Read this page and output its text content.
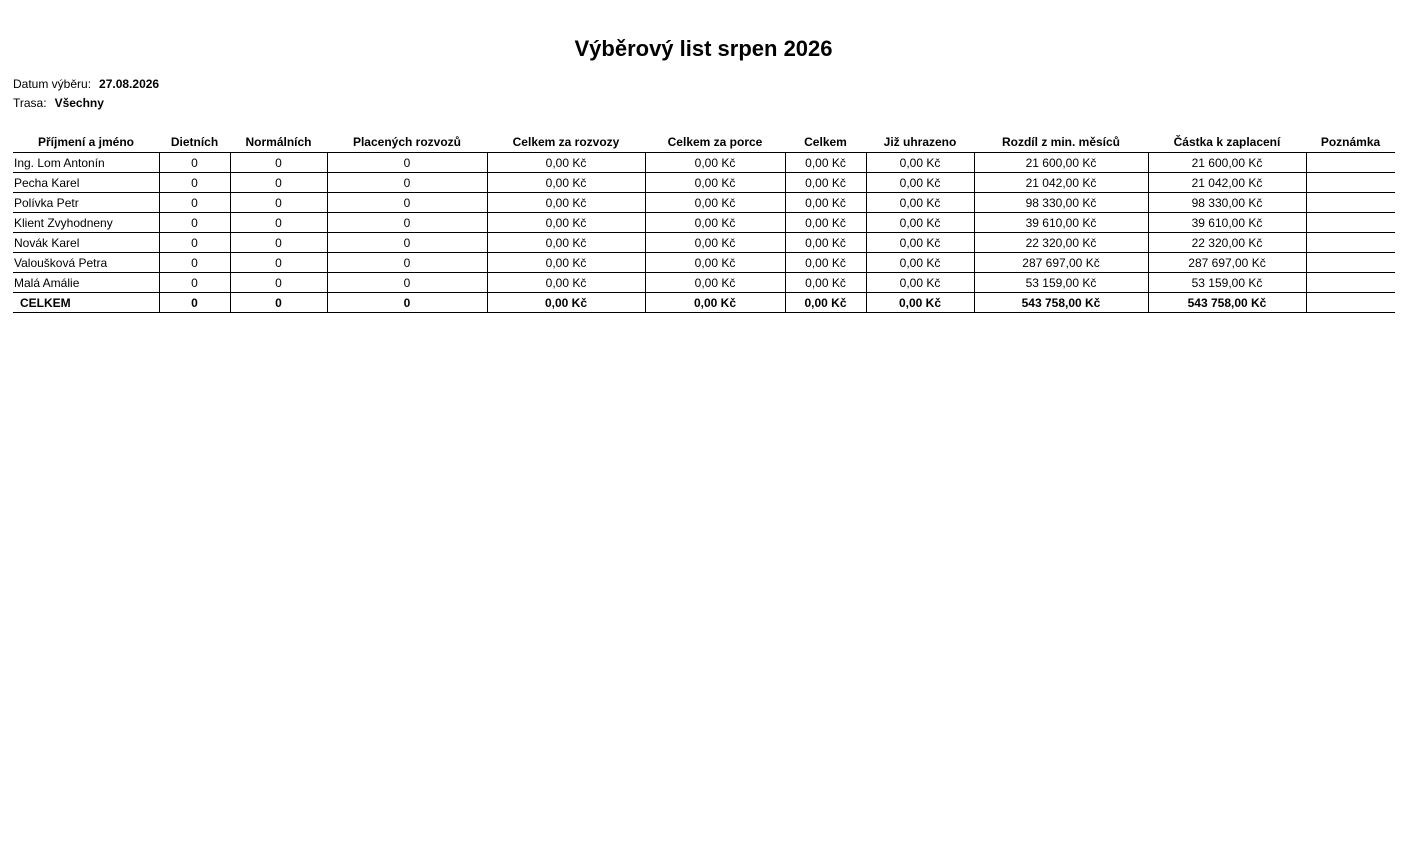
Výběrový list srpen 2026
Datum výběru: 27.08.2026
Trasa: Všechny
Příjmení a jméno	Dietních	Normálních	Placených rozvozů	Celkem za rozvozy	Celkem za porce	Celkem	Již uhrazeno	Rozdíl z min. měsíců	Částka k zaplacení	Poznámka
Ing. Lom Antonín	0	0	0	0,00 Kč	0,00 Kč	0,00 Kč	0,00 Kč	21 600,00 Kč	21 600,00 Kč	
Pecha Karel	0	0	0	0,00 Kč	0,00 Kč	0,00 Kč	0,00 Kč	21 042,00 Kč	21 042,00 Kč	
Polívka Petr	0	0	0	0,00 Kč	0,00 Kč	0,00 Kč	0,00 Kč	98 330,00 Kč	98 330,00 Kč	
Klient Zvyhodneny	0	0	0	0,00 Kč	0,00 Kč	0,00 Kč	0,00 Kč	39 610,00 Kč	39 610,00 Kč	
Novák Karel	0	0	0	0,00 Kč	0,00 Kč	0,00 Kč	0,00 Kč	22 320,00 Kč	22 320,00 Kč	
Valoušková Petra	0	0	0	0,00 Kč	0,00 Kč	0,00 Kč	0,00 Kč	287 697,00 Kč	287 697,00 Kč	
Malá Amálie	0	0	0	0,00 Kč	0,00 Kč	0,00 Kč	0,00 Kč	53 159,00 Kč	53 159,00 Kč	
CELKEM	0	0	0	0,00 Kč	0,00 Kč	0,00 Kč	0,00 Kč	543 758,00 Kč	543 758,00 Kč	
